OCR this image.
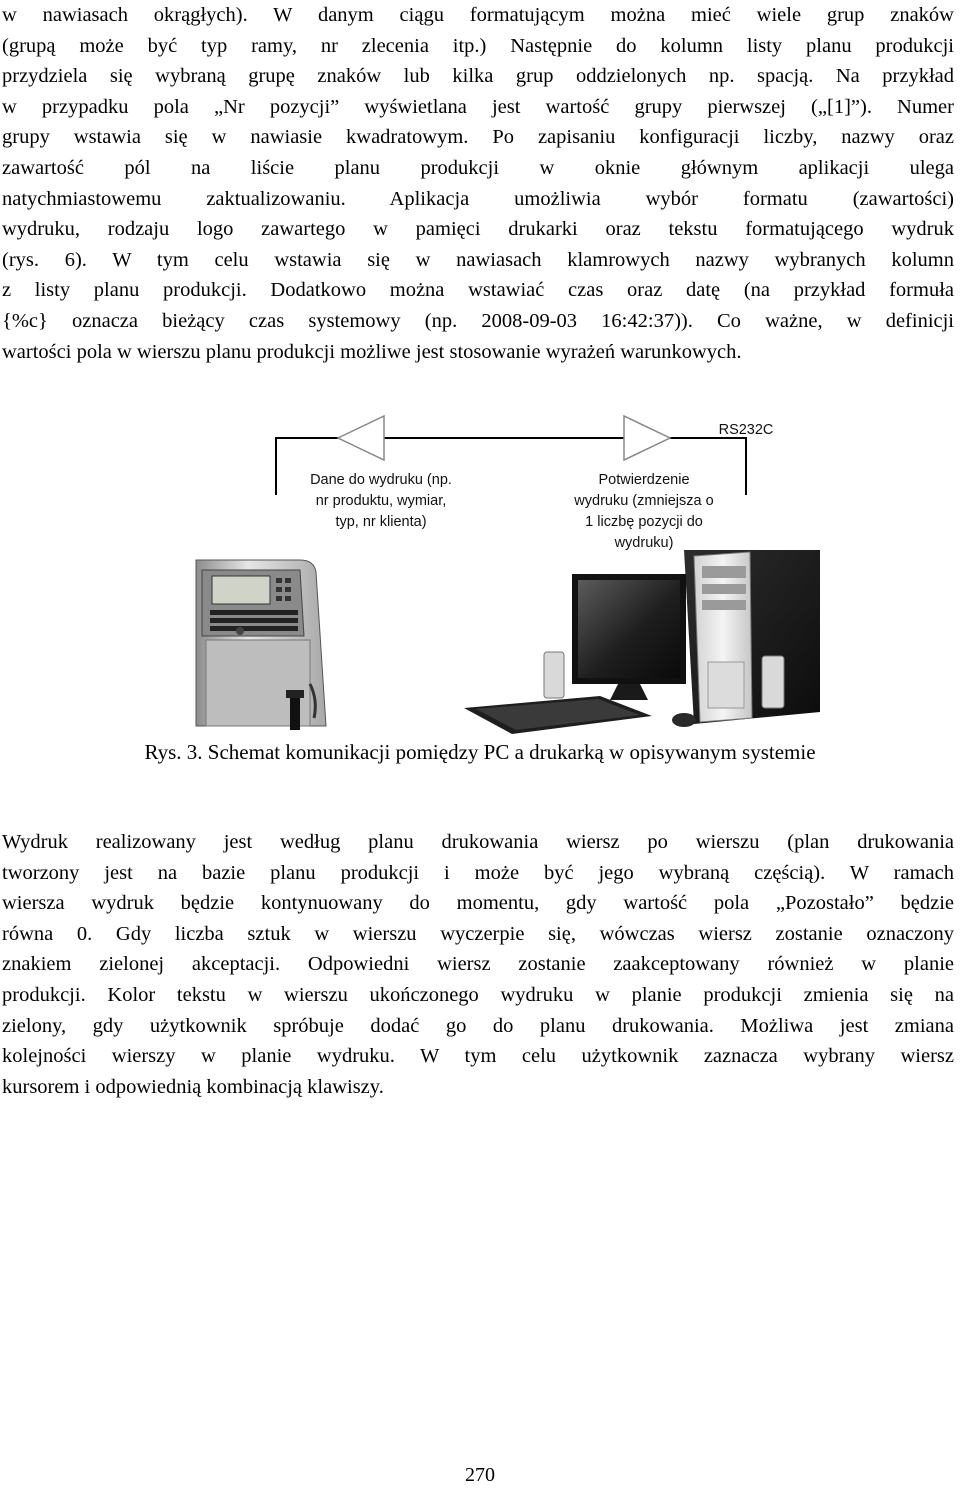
w nawiasach okrągłych). W danym ciągu formatującym można mieć wiele grup znaków
(grupą może być typ ramy, nr zlecenia itp.) Następnie do kolumn listy planu produkcji
przydziela się wybraną grupę znaków lub kilka grup oddzielonych np. spacją. Na przykład
w przypadku pola „Nr pozycji” wyświetlana jest wartość grupy pierwszej („[1]”). Numer
grupy wstawia się w nawiasie kwadratowym. Po zapisaniu konfiguracji liczby, nazwy oraz
zawartość pól na liście planu produkcji w oknie głównym aplikacji ulega
natychmiastowemu zaktualizowaniu. Aplikacja umożliwia wybór formatu (zawartości)
wydruku, rodzaju logo zawartego w pamięci drukarki oraz tekstu formatującego wydruk
(rys. 6). W tym celu wstawia się w nawiasach klamrowych nazwy wybranych kolumn
z listy planu produkcji. Dodatkowo można wstawiać czas oraz datę (na przykład formuła
{%c} oznacza bieżący czas systemowy (np. 2008-09-03 16:42:37)). Co ważne, w definicji
wartości pola w wierszu planu produkcji możliwe jest stosowanie wyrażeń warunkowych.
RS232C
Dane do wydruku (np.
nr produktu, wymiar,
typ, nr klienta)
Potwierdzenie
wydruku (zmniejsza o
1 liczbę pozycji do
wydruku)
Rys. 3. Schemat komunikacji pomiędzy PC a drukarką w opisywanym systemie
Wydruk realizowany jest według planu drukowania wiersz po wierszu (plan drukowania
tworzony jest na bazie planu produkcji i może być jego wybraną częścią). W ramach
wiersza wydruk będzie kontynuowany do momentu, gdy wartość pola „Pozostało” będzie
równa 0. Gdy liczba sztuk w wierszu wyczerpie się, wówczas wiersz zostanie oznaczony
znakiem zielonej akceptacji. Odpowiedni wiersz zostanie zaakceptowany również w planie
produkcji. Kolor tekstu w wierszu ukończonego wydruku w planie produkcji zmienia się na
zielony, gdy użytkownik spróbuje dodać go do planu drukowania. Możliwa jest zmiana
kolejności wierszy w planie wydruku. W tym celu użytkownik zaznacza wybrany wiersz
kursorem i odpowiednią kombinacją klawiszy.
270
